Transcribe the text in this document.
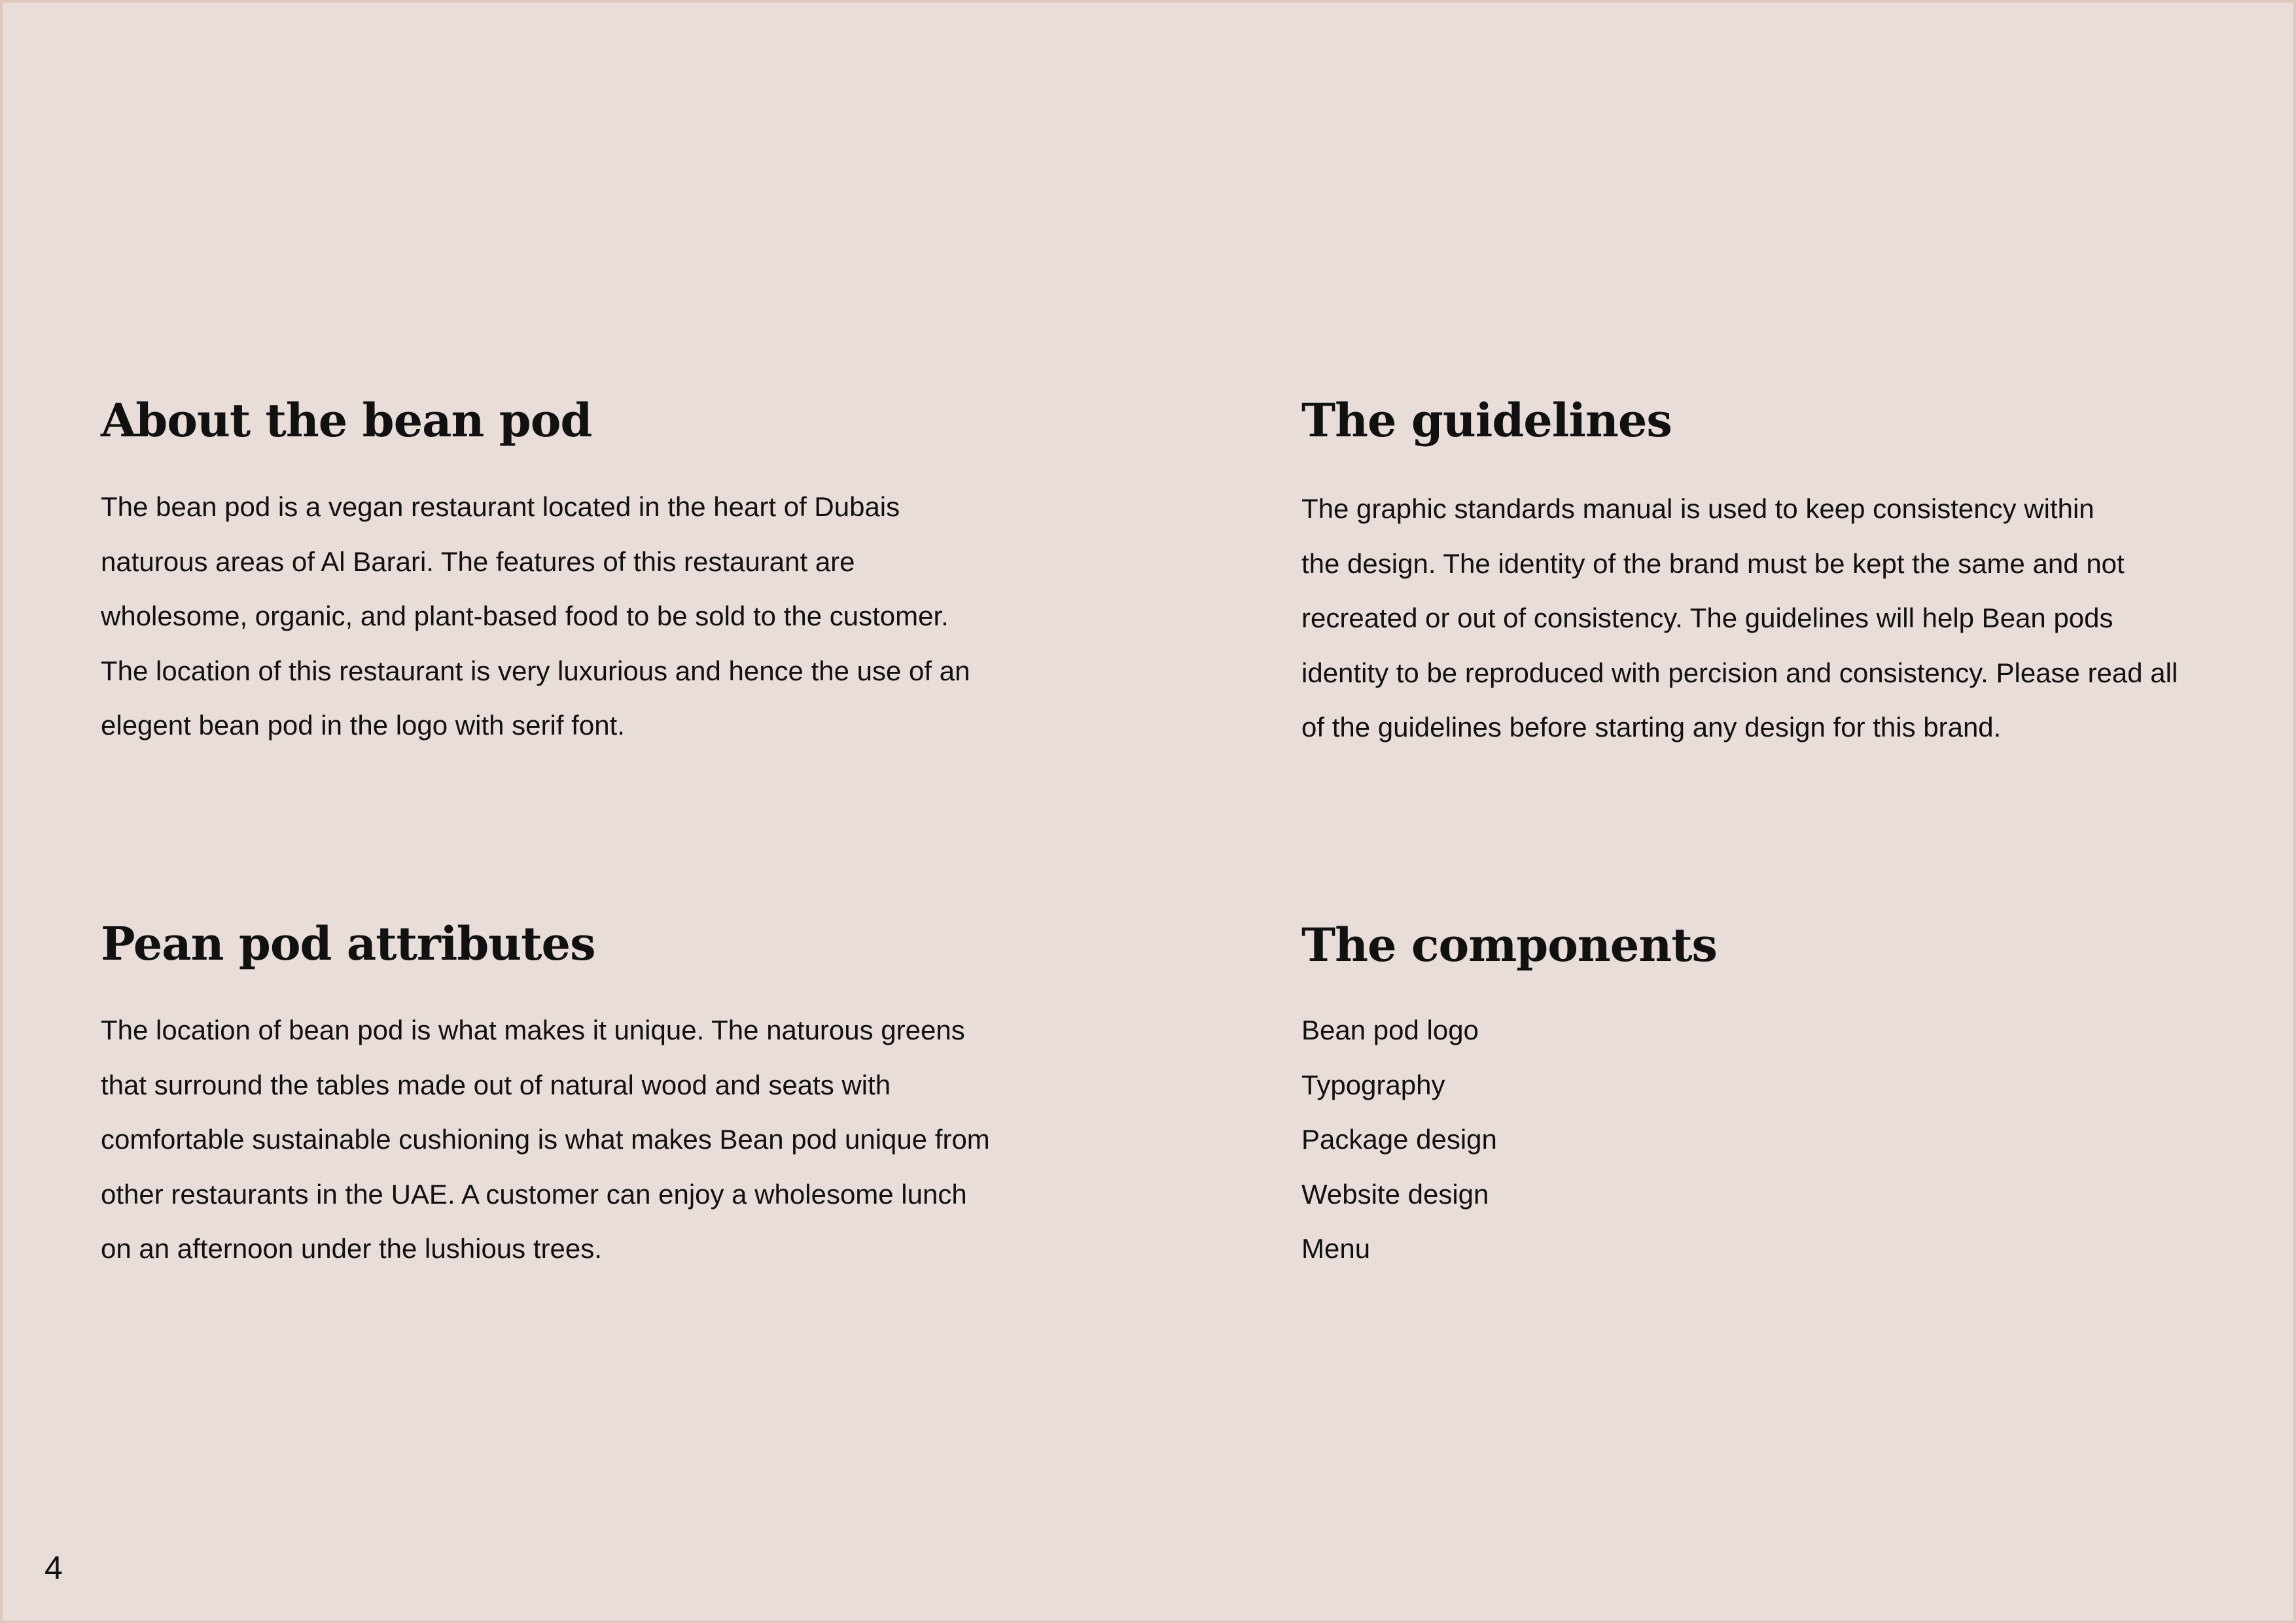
About the bean pod

The bean pod is a vegan restaurant located in the heart of Dubais
naturous areas of Al Barari. The features of this restaurant are
wholesome, organic, and plant-based food to be sold to the customer.
The location of this restaurant is very luxurious and hence the use of an
elegent bean pod in the logo with serif font.

The guidelines

The graphic standards manual is used to keep consistency within
the design. The identity of the brand must be kept the same and not
recreated or out of consistency. The guidelines will help Bean pods
identity to be reproduced with percision and consistency. Please read all
of the guidelines before starting any design for this brand.

Pean pod attributes

The location of bean pod is what makes it unique. The naturous greens
that surround the tables made out of natural wood and seats with
comfortable sustainable cushioning is what makes Bean pod unique from
other restaurants in the UAE. A customer can enjoy a wholesome lunch
on an afternoon under the lushious trees.

The components
Bean pod logo
Typography
Package design
Website design
Menu
4
